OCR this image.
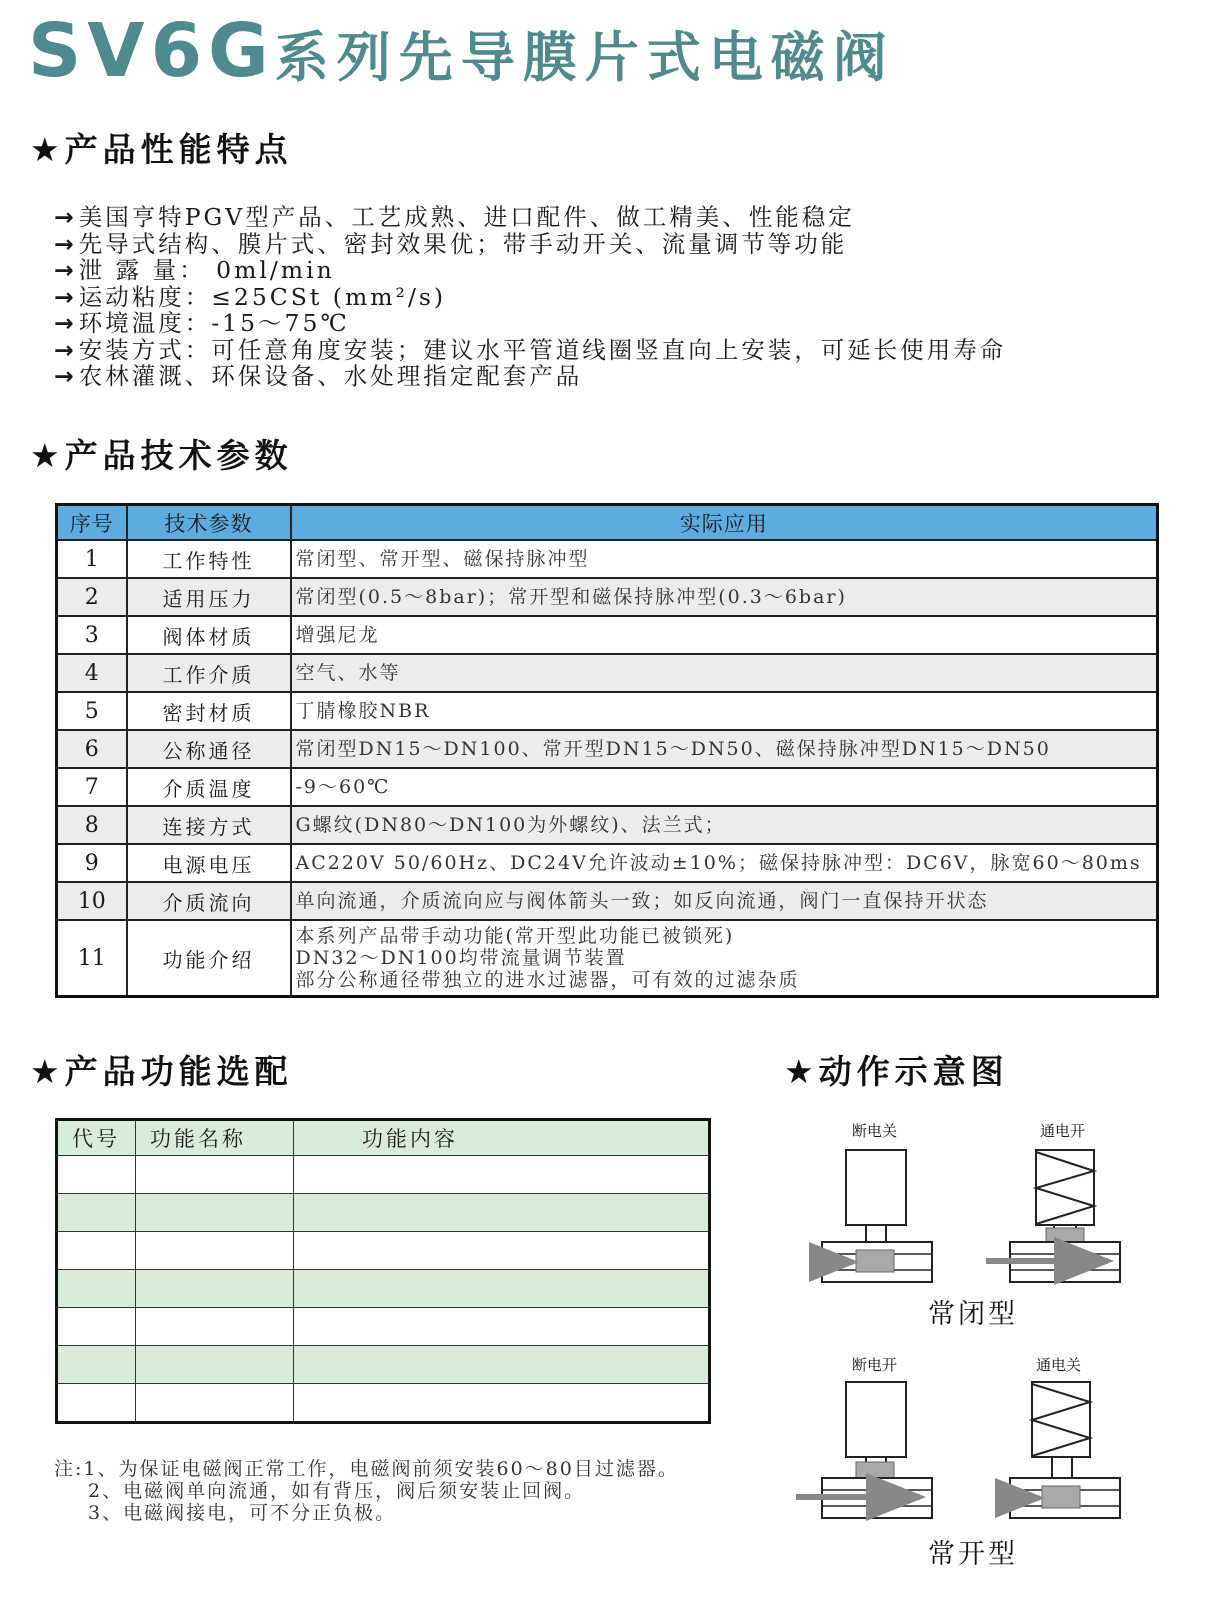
SV6G系列先导膜片式电磁阀
★产品性能特点
→ 美国亨特PGV型产品、工艺成熟、进口配件、做工精美、性能稳定
→ 先导式结构、膜片式、密封效果优；带手动开关、流量调节等功能
→ 泄 露 量： 0ml/min
→ 运动粘度：≤25CSt (mm²/s)
→ 环境温度：-15～75℃
→ 安装方式：可任意角度安装；建议水平管道线圈竖直向上安装，可延长使用寿命
→ 农林灌溉、环保设备、水处理指定配套产品
★产品技术参数
序号	技术参数	实际应用
1	工作特性	常闭型、常开型、磁保持脉冲型

2	适用压力	常闭型(0.5～8bar)；常开型和磁保持脉冲型(0.3～6bar)

3	阀体材质	增强尼龙

4	工作介质	空气、水等

5	密封材质	丁腈橡胶NBR

6	公称通径	常闭型DN15～DN100、常开型DN15～DN50、磁保持脉冲型DN15～DN50

7	介质温度	-9～60℃

8	连接方式	G螺纹(DN80～DN100为外螺纹)、法兰式；

9	电源电压	AC220V 50/60Hz、DC24V允许波动±10%；磁保持脉冲型：DC6V，脉宽60～80ms

10	介质流向	单向流通，介质流向应与阀体箭头一致；如反向流通，阀门一直保持开状态

11	功能介绍	本系列产品带手动功能(常开型此功能已被锁死)
DN32～DN100均带流量调节装置
部分公称通径带独立的进水过滤器，可有效的过滤杂质
★产品功能选配
代号	功能名称	功能内容

注:1、为保证电磁阀正常工作，电磁阀前须安装60～80目过滤器。
2、电磁阀单向流通，如有背压，阀后须安装止回阀。
3、电磁阀接电，可不分正负极。
★动作示意图
断电关	通电开
常闭型
断电开	通电关
常开型
